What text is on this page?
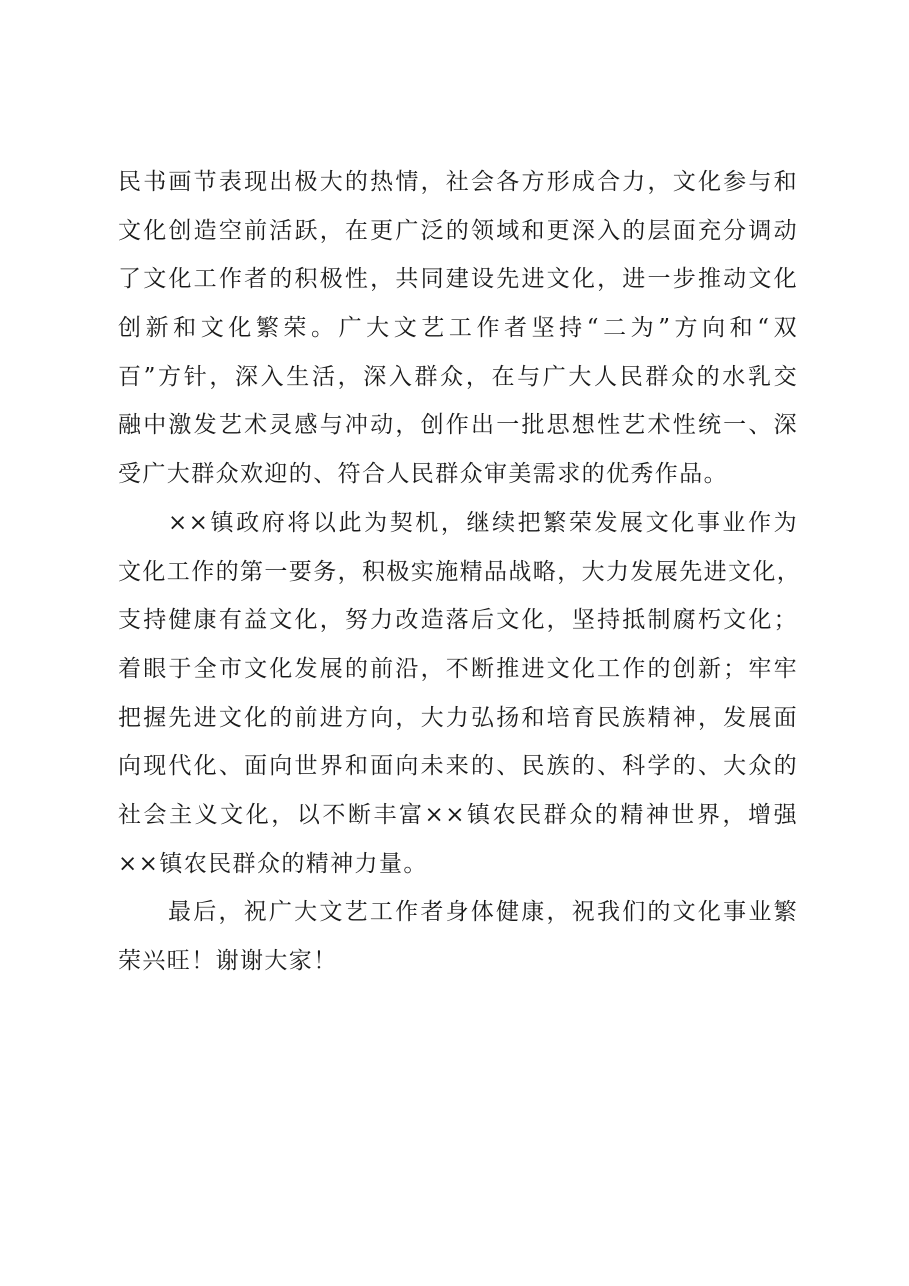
民书画节表现出极大的热情，社会各方形成合力，文化参与和
文化创造空前活跃，在更广泛的领域和更深入的层面充分调动
了文化工作者的积极性，共同建设先进文化，进一步推动文化
创新和文化繁荣。广大文艺工作者坚持“二为”方向和“双
百”方针，深入生活，深入群众，在与广大人民群众的水乳交
融中激发艺术灵感与冲动，创作出一批思想性艺术性统一、深
受广大群众欢迎的、符合人民群众审美需求的优秀作品。
××镇政府将以此为契机，继续把繁荣发展文化事业作为
文化工作的第一要务，积极实施精品战略，大力发展先进文化，
支持健康有益文化，努力改造落后文化，坚持抵制腐朽文化；
着眼于全市文化发展的前沿，不断推进文化工作的创新；牢牢
把握先进文化的前进方向，大力弘扬和培育民族精神，发展面
向现代化、面向世界和面向未来的、民族的、科学的、大众的
社会主义文化，以不断丰富××镇农民群众的精神世界，增强
××镇农民群众的精神力量。
最后，祝广大文艺工作者身体健康，祝我们的文化事业繁
荣兴旺！谢谢大家！
